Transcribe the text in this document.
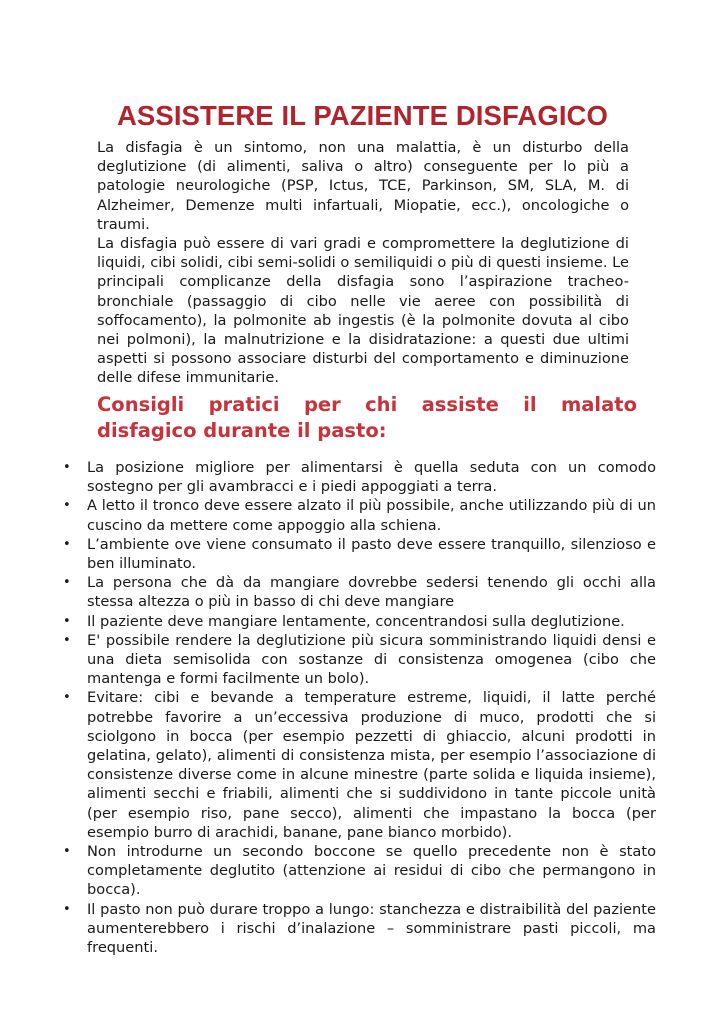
ASSISTERE IL PAZIENTE DISFAGICO

La disfagia è un sintomo, non una malattia, è un disturbo della deglutizione (di alimenti, saliva o altro) conseguente per lo più a patologie neurologiche (PSP, Ictus, TCE, Parkinson, SM, SLA, M. di Alzheimer, Demenze multi infartuali, Miopatie, ecc.), oncologiche o traumi.

La disfagia può essere di vari gradi e compromettere la deglutizione di liquidi, cibi solidi, cibi semi-solidi o semiliquidi o più di questi insieme. Le principali complicanze della disfagia sono l’aspirazione tracheo-bronchiale (passaggio di cibo nelle vie aeree con possibilità di soffocamento), la polmonite ab ingestis (è la polmonite dovuta al cibo nei polmoni), la malnutrizione e la disidratazione: a questi due ultimi aspetti si possono associare disturbi del comportamento e diminuzione delle difese immunitarie.

Consigli pratici per chi assiste il malato disfagico durante il pasto:
• La posizione migliore per alimentarsi è quella seduta con un comodo sostegno per gli avambracci e i piedi appoggiati a terra.
• A letto il tronco deve essere alzato il più possibile, anche utilizzando più di un cuscino da mettere come appoggio alla schiena.
• L’ambiente ove viene consumato il pasto deve essere tranquillo, silenzioso e ben illuminato.
• La persona che dà da mangiare dovrebbe sedersi tenendo gli occhi alla stessa altezza o più in basso di chi deve mangiare
• Il paziente deve mangiare lentamente, concentrandosi sulla deglutizione.
• E' possibile rendere la deglutizione più sicura somministrando liquidi densi e una dieta semisolida con sostanze di consistenza omogenea (cibo che mantenga e formi facilmente un bolo).
• Evitare: cibi e bevande a temperature estreme, liquidi, il latte perché potrebbe favorire a un’eccessiva produzione di muco, prodotti che si sciolgono in bocca (per esempio pezzetti di ghiaccio, alcuni prodotti in gelatina, gelato), alimenti di consistenza mista, per esempio l’associazione di consistenze diverse come in alcune minestre (parte solida e liquida insieme), alimenti secchi e friabili, alimenti che si suddividono in tante piccole unità (per esempio riso, pane secco), alimenti che impastano la bocca (per esempio burro di arachidi, banane, pane bianco morbido).
• Non introdurne un secondo boccone se quello precedente non è stato completamente deglutito (attenzione ai residui di cibo che permangono in bocca).
• Il pasto non può durare troppo a lungo: stanchezza e distraibilità del paziente aumenterebbero i rischi d’inalazione – somministrare pasti piccoli, ma frequenti.
